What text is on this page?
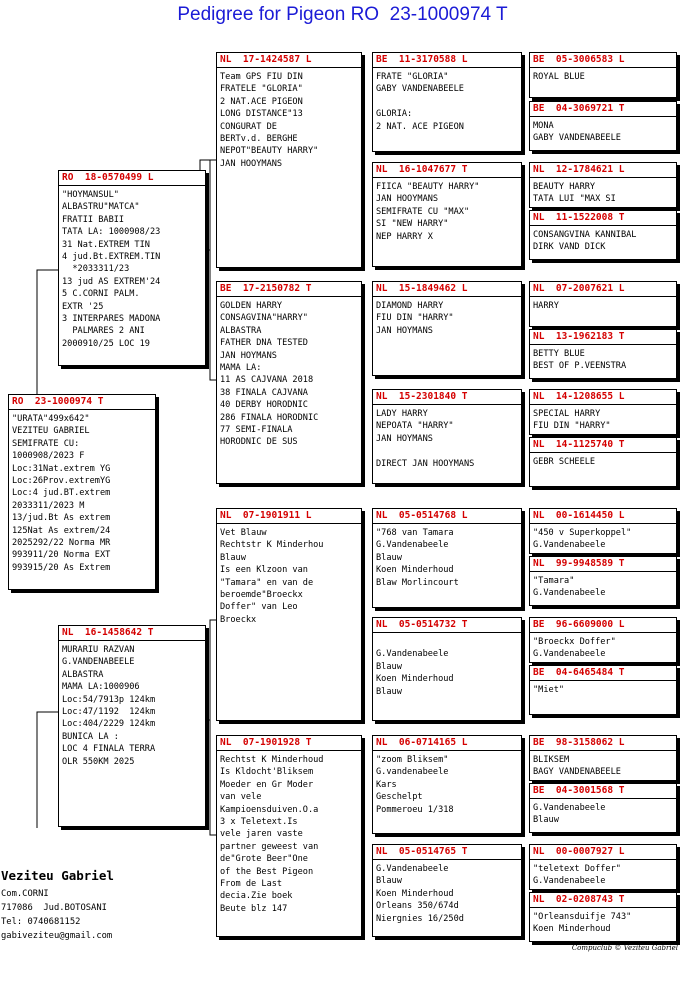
Pedigree for Pigeon RO  23-1000974 T
RO  23-1000974 T
"URATA"499x642"
VEZITEU GABRIEL
SEMIFRATE CU:
1000908/2023 F
Loc:31Nat.extrem YG
Loc:26Prov.extremYG
Loc:4 jud.BT.extrem
2033311/2023 M
13/jud.Bt As extrem
125Nat As extrem/24
2025292/22 Norma MR
993911/20 Norma EXT
993915/20 As Extrem
RO  18-0570499 L
"HOYMANSUL"
ALBASTRU"MATCA"
FRATII BABII
TATA LA: 1000908/23
31 Nat.EXTREM TIN
4 jud.Bt.EXTREM.TIN
*2033311/23
13 jud AS EXTREM'24
5 C.CORNI PALM.
EXTR '25
3 INTERPARES MADONA
PALMARES 2 ANI
2000910/25 LOC 19
NL  16-1458642 T
MURARIU RAZVAN
G.VANDENABEELE
ALBASTRA
MAMA LA:1000906
Loc:54/7913p 124km
Loc:47/1192  124km
Loc:404/2229 124km
BUNICA LA :
LOC 4 FINALA TERRA
OLR 550KM 2025
NL  17-1424587 L
Team GPS FIU DIN
FRATELE "GLORIA"
2 NAT.ACE PIGEON
LONG DISTANCE"13
CONGURAT DE
BERTv.d. BERGHE
NEPOT"BEAUTY HARRY"
JAN HOOYMANS
BE  17-2150782 T
GOLDEN HARRY
CONSAGVINA"HARRY"
ALBASTRA
FATHER DNA TESTED
JAN HOYMANS
MAMA LA:
11 AS CAJVANA 2018
38 FINALA CAJVANA
40 DERBY HORODNIC
286 FINALA HORODNIC
77 SEMI-FINALA
HORODNIC DE SUS
NL  07-1901911 L
Vet Blauw
Rechtstr K Minderhou
Blauw
Is een Klzoon van
"Tamara" en van de
beroemde"Broeckx
Doffer" van Leo
Broeckx
NL  07-1901928 T
Rechtst K Minderhoud
Is Kldocht'Bliksem
Moeder en Gr Moder
van vele
Kampioensduiven.O.a
3 x Teletext.Is
vele jaren vaste
partner geweest van
de"Grote Beer"One
of the Best Pigeon
From de Last
decia.Zie boek
Beute blz 147
BE  11-3170588 L
FRATE "GLORIA"
GABY VANDENABEELE

GLORIA:
2 NAT. ACE PIGEON
NL  16-1047677 T
FIICA "BEAUTY HARRY"
JAN HOOYMANS
SEMIFRATE CU "MAX"
SI "NEW HARRY"
NEP HARRY X
NL  15-1849462 L
DIAMOND HARRY
FIU DIN "HARRY"
JAN HOYMANS
NL  15-2301840 T
LADY HARRY
NEPOATA "HARRY"
JAN HOYMANS

DIRECT JAN HOOYMANS
NL  05-0514768 L
"768 van Tamara
G.Vandenabeele
Blauw
Koen Minderhoud
Blaw Morlincourt
NL  05-0514732 T

G.Vandenabeele
Blauw
Koen Minderhoud
Blauw
NL  06-0714165 L
"zoom Bliksem"
G.vandenabeele
Kars
Geschelpt
Pommeroeu 1/318
NL  05-0514765 T
G.Vandenabeele
Blauw
Koen Minderhoud
Orleans 350/674d
Niergnies 16/250d
BE  05-3006583 L
ROYAL BLUE
BE  04-3069721 T
MONA
GABY VANDENABEELE
NL  12-1784621 L
BEAUTY HARRY
TATA LUI "MAX SI
NL  11-1522008 T
CONSANGVINA KANNIBAL
DIRK VAND DICK
NL  07-2007621 L
HARRY
NL  13-1962183 T
BETTY BLUE
BEST OF P.VEENSTRA
NL  14-1208655 L
SPECIAL HARRY
FIU DIN "HARRY"
NL  14-1125740 T
GEBR SCHEELE
NL  00-1614450 L
"450 v Superkoppel"
G.Vandenabeele
NL  99-9948589 T
"Tamara"
G.Vandenabeele
BE  96-6609000 L
"Broeckx Doffer"
G.Vandenabeele
BE  04-6465484 T
"Miet"
BE  98-3158062 L
BLIKSEM
BAGY VANDENABEELE
BE  04-3001568 T
G.Vandenabeele
Blauw
NL  00-0007927 L
"teletext Doffer"
G.Vandenabeele
NL  02-0208743 T
"Orleansduifje 743"
Koen Minderhoud
Veziteu Gabriel
Com.CORNI
717086  Jud.BOTOSANI
Tel: 0740681152
gabiveziteu@gmail.com
Compuclub © Veziteu Gabriel
